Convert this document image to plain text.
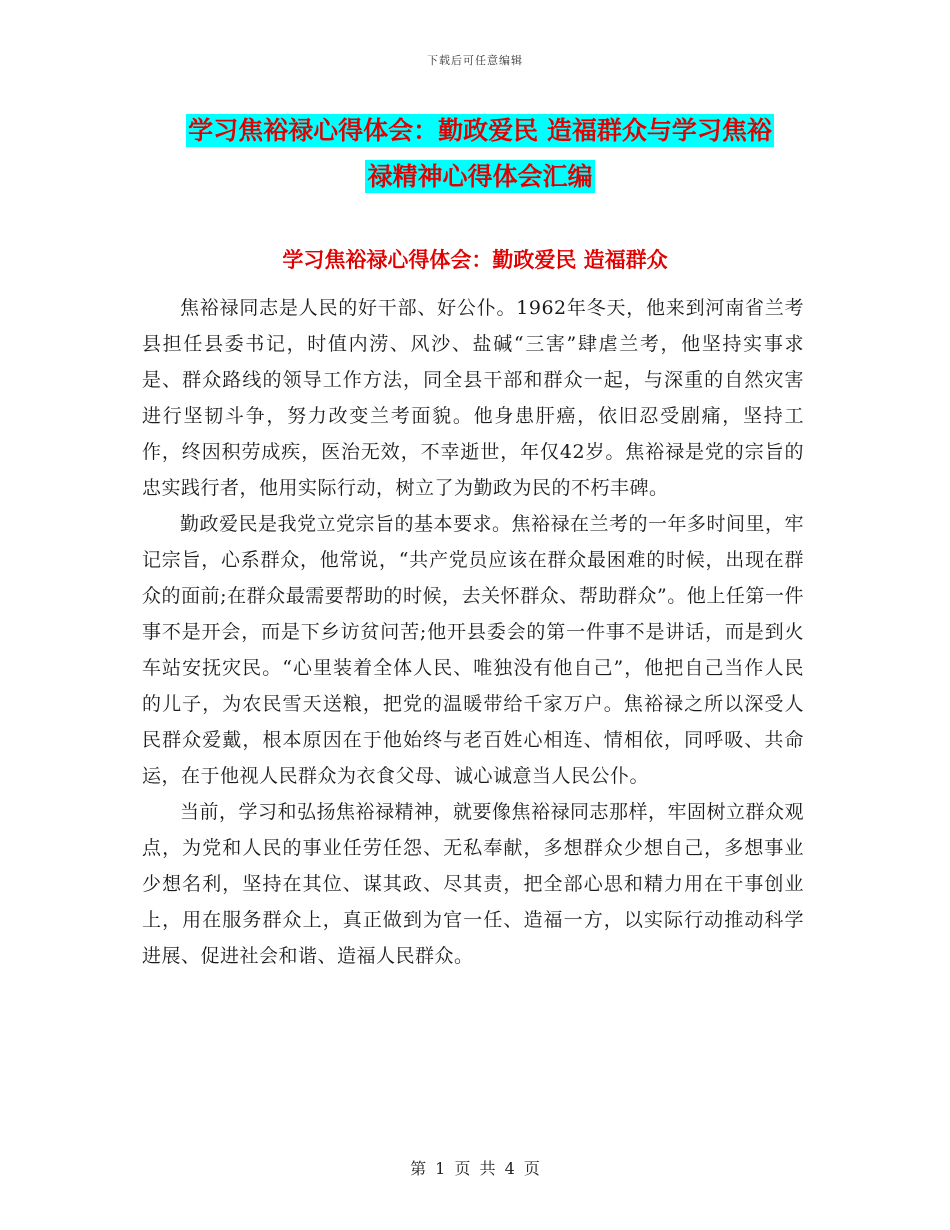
下载后可任意编辑
学习焦裕禄心得体会：勤政爱民 造福群众与学习焦裕
禄精神心得体会汇编
学习焦裕禄心得体会：勤政爱民 造福群众

焦裕禄同志是人民的好干部、好公仆。1962年冬天，他来到河南省兰考县担任县委书记，时值内涝、风沙、盐碱“三害”肆虐兰考，他坚持实事求是、群众路线的领导工作方法，同全县干部和群众一起，与深重的自然灾害进行坚韧斗争，努力改变兰考面貌。他身患肝癌，依旧忍受剧痛，坚持工作，终因积劳成疾，医治无效，不幸逝世，年仅42岁。焦裕禄是党的宗旨的忠实践行者，他用实际行动，树立了为勤政为民的不朽丰碑。

勤政爱民是我党立党宗旨的基本要求。焦裕禄在兰考的一年多时间里，牢记宗旨，心系群众，他常说，“共产党员应该在群众最困难的时候，出现在群众的面前;在群众最需要帮助的时候，去关怀群众、帮助群众”。他上任第一件事不是开会，而是下乡访贫问苦;他开县委会的第一件事不是讲话，而是到火车站安抚灾民。“心里装着全体人民、唯独没有他自己”，他把自己当作人民的儿子，为农民雪天送粮，把党的温暖带给千家万户。焦裕禄之所以深受人民群众爱戴，根本原因在于他始终与老百姓心相连、情相依，同呼吸、共命运，在于他视人民群众为衣食父母、诚心诚意当人民公仆。

当前，学习和弘扬焦裕禄精神，就要像焦裕禄同志那样，牢固树立群众观点，为党和人民的事业任劳任怨、无私奉献，多想群众少想自己，多想事业少想名利，坚持在其位、谋其政、尽其责，把全部心思和精力用在干事创业上，用在服务群众上，真正做到为官一任、造福一方，以实际行动推动科学进展、促进社会和谐、造福人民群众。

第 1 页 共 4 页
